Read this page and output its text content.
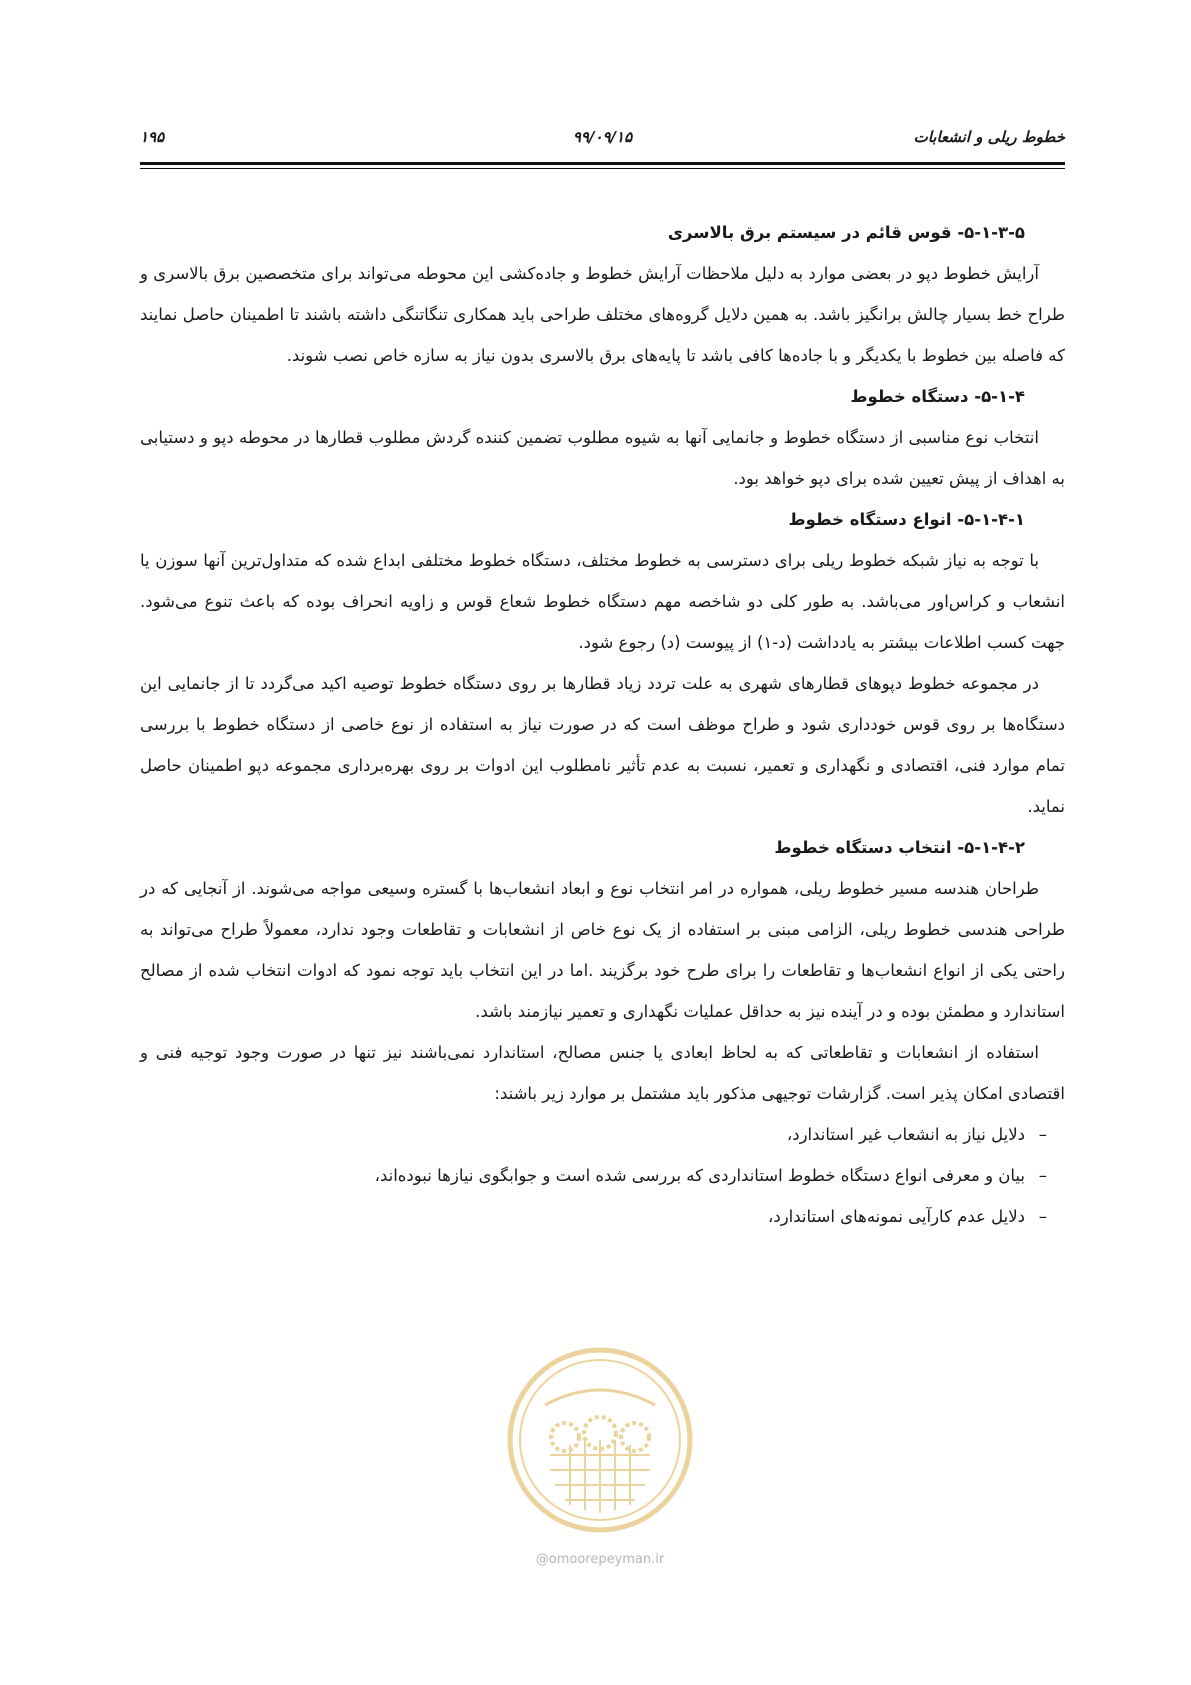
خطوط ریلی و انشعابات
۹۹/۰۹/۱۵
۱۹۵
۵-۱-۳-۵- قوس قائم در سیستم برق بالاسری

آرایش خطوط دپو در بعضی موارد به دلیل ملاحظات آرایش خطوط و جاده‌کشی این محوطه می‌تواند برای متخصصین برق بالاسری و طراح خط بسیار چالش برانگیز باشد. به همین دلایل گروه‌های مختلف طراحی باید همکاری تنگاتنگی داشته باشند تا اطمینان حاصل نمایند که فاصله بین خطوط با یکدیگر و با جاده‌ها کافی باشد تا پایه‌های برق بالاسری بدون نیاز به سازه خاص نصب شوند.

۵-۱-۴- دستگاه خطوط

انتخاب نوع مناسبی از دستگاه خطوط و جانمایی آنها به شیوه مطلوب تضمین کننده گردش مطلوب قطارها در محوطه دپو و دستیابی به اهداف از پیش تعیین شده برای دپو خواهد بود.

۵-۱-۴-۱- انواع دستگاه خطوط

با توجه به نیاز شبکه خطوط ریلی برای دسترسی به خطوط مختلف، دستگاه خطوط مختلفی ابداع شده که متداول‌ترین آنها سوزن یا انشعاب و کراس‌اور می‌باشد. به طور کلی دو شاخصه مهم دستگاه خطوط شعاع قوس و زاویه انحراف بوده که باعث تنوع می‌شود. جهت کسب اطلاعات بیشتر به یادداشت (د-۱) از پیوست (د) رجوع شود.

در مجموعه خطوط دپوهای قطارهای شهری به علت تردد زیاد قطارها بر روی دستگاه خطوط توصیه اکید می‌گردد تا از جانمایی این دستگاه‌ها بر روی قوس خودداری شود و طراح موظف است که در صورت نیاز به استفاده از نوع خاصی از دستگاه خطوط با بررسی تمام موارد فنی، اقتصادی و نگهداری و تعمیر، نسبت به عدم تأثیر نامطلوب این ادوات بر روی بهره‌برداری مجموعه دپو اطمینان حاصل نماید.

۵-۱-۴-۲- انتخاب دستگاه خطوط

طراحان هندسه مسیر خطوط ریلی، همواره در امر انتخاب نوع و ابعاد انشعاب‌ها با گستره وسیعی مواجه می‌شوند. از آنجایی که در طراحی هندسی خطوط ریلی، الزامی مبنی بر استفاده از یک نوع خاص از انشعابات و تقاطعات وجود ندارد، معمولاً طراح می‌تواند به راحتی یکی از انواع انشعاب‌ها و تقاطعات را برای طرح خود برگزیند .اما در این انتخاب باید توجه نمود که ادوات انتخاب شده از مصالح استاندارد و مطمئن بوده و در آینده نیز به حداقل عملیات نگهداری و تعمیر نیازمند باشد.

استفاده از انشعابات و تقاطعاتی که به لحاظ ابعادی یا جنس مصالح، استاندارد نمی‌باشند نیز تنها در صورت وجود توجیه فنی و اقتصادی امکان پذیر است. گزارشات توجیهی مذکور باید مشتمل بر موارد زیر باشند:

–
دلایل نیاز به انشعاب غیر استاندارد،
–
بیان و معرفی انواع دستگاه خطوط استانداردی که بررسی شده است و جوابگوی نیازها نبوده‌اند،
–
دلایل عدم کارآیی نمونه‌های استاندارد،
@omoorepeyman.ir
